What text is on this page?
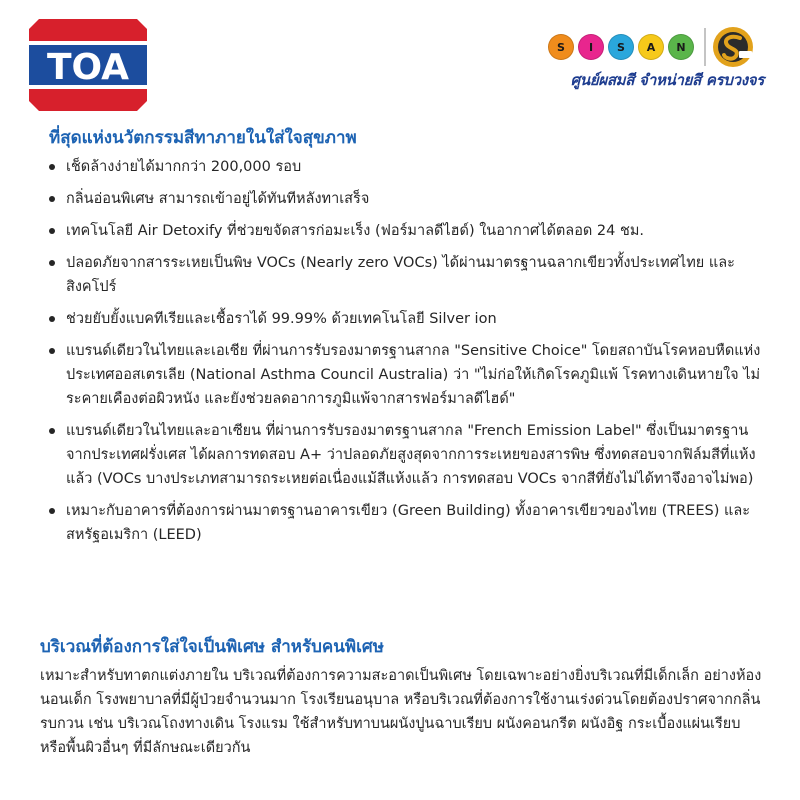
TOA	S	I	S	A	N
ศูนย์ผสมสี จำหน่ายสี ครบวงจร
ที่สุดแห่งนวัตกรรมสีทาภายในใส่ใจสุขภาพ
เช็ดล้างง่ายได้มากกว่า 200,000 รอบ
กลิ่นอ่อนพิเศษ สามารถเข้าอยู่ได้ทันทีหลังทาเสร็จ
เทคโนโลยี Air Detoxify ที่ช่วยขจัดสารก่อมะเร็ง (ฟอร์มาลดีไฮด์) ในอากาศได้ตลอด 24 ชม.
ปลอดภัยจากสารระเหยเป็นพิษ VOCs (Nearly zero VOCs) ได้ผ่านมาตรฐานฉลากเขียวทั้งประเทศไทย และสิงคโปร์
ช่วยยับยั้งแบคทีเรียและเชื้อราได้ 99.99% ด้วยเทคโนโลยี Silver ion
แบรนด์เดียวในไทยและเอเชีย ที่ผ่านการรับรองมาตรฐานสากล "Sensitive Choice" โดยสถาบันโรคหอบหืดแห่งประเทศออสเตรเลีย (National Asthma Council Australia) ว่า "ไม่ก่อให้เกิดโรคภูมิแพ้ โรคทางเดินหายใจ ไม่ระคายเคืองต่อผิวหนัง และยังช่วยลดอาการภูมิแพ้จากสารฟอร์มาลดีไฮด์"
แบรนด์เดียวในไทยและอาเซียน ที่ผ่านการรับรองมาตรฐานสากล "French Emission Label" ซึ่งเป็นมาตรฐานจากประเทศฝรั่งเศส ได้ผลการทดสอบ A+ ว่าปลอดภัยสูงสุดจากการระเหยของสารพิษ ซึ่งทดสอบจากฟิล์มสีที่แห้งแล้ว (VOCs บางประเภทสามารถระเหยต่อเนื่องแม้สีแห้งแล้ว การทดสอบ VOCs จากสีที่ยังไม่ได้ทาจึงอาจไม่พอ)
เหมาะกับอาคารที่ต้องการผ่านมาตรฐานอาคารเขียว (Green Building) ทั้งอาคารเขียวของไทย (TREES) และสหรัฐอเมริกา (LEED)
บริเวณที่ต้องการใส่ใจเป็นพิเศษ สำหรับคนพิเศษ

เหมาะสำหรับทาตกแต่งภายใน บริเวณที่ต้องการความสะอาดเป็นพิเศษ โดยเฉพาะอย่างยิ่งบริเวณที่มีเด็กเล็ก อย่างห้องนอนเด็ก โรงพยาบาลที่มีผู้ป่วยจำนวนมาก โรงเรียนอนุบาล หรือบริเวณที่ต้องการใช้งานเร่งด่วนโดยต้องปราศจากกลิ่นรบกวน เช่น บริเวณโถงทางเดิน โรงแรม ใช้สำหรับทาบนผนังปูนฉาบเรียบ ผนังคอนกรีต ผนังอิฐ กระเบื้องแผ่นเรียบ หรือพื้นผิวอื่นๆ ที่มีลักษณะเดียวกัน
